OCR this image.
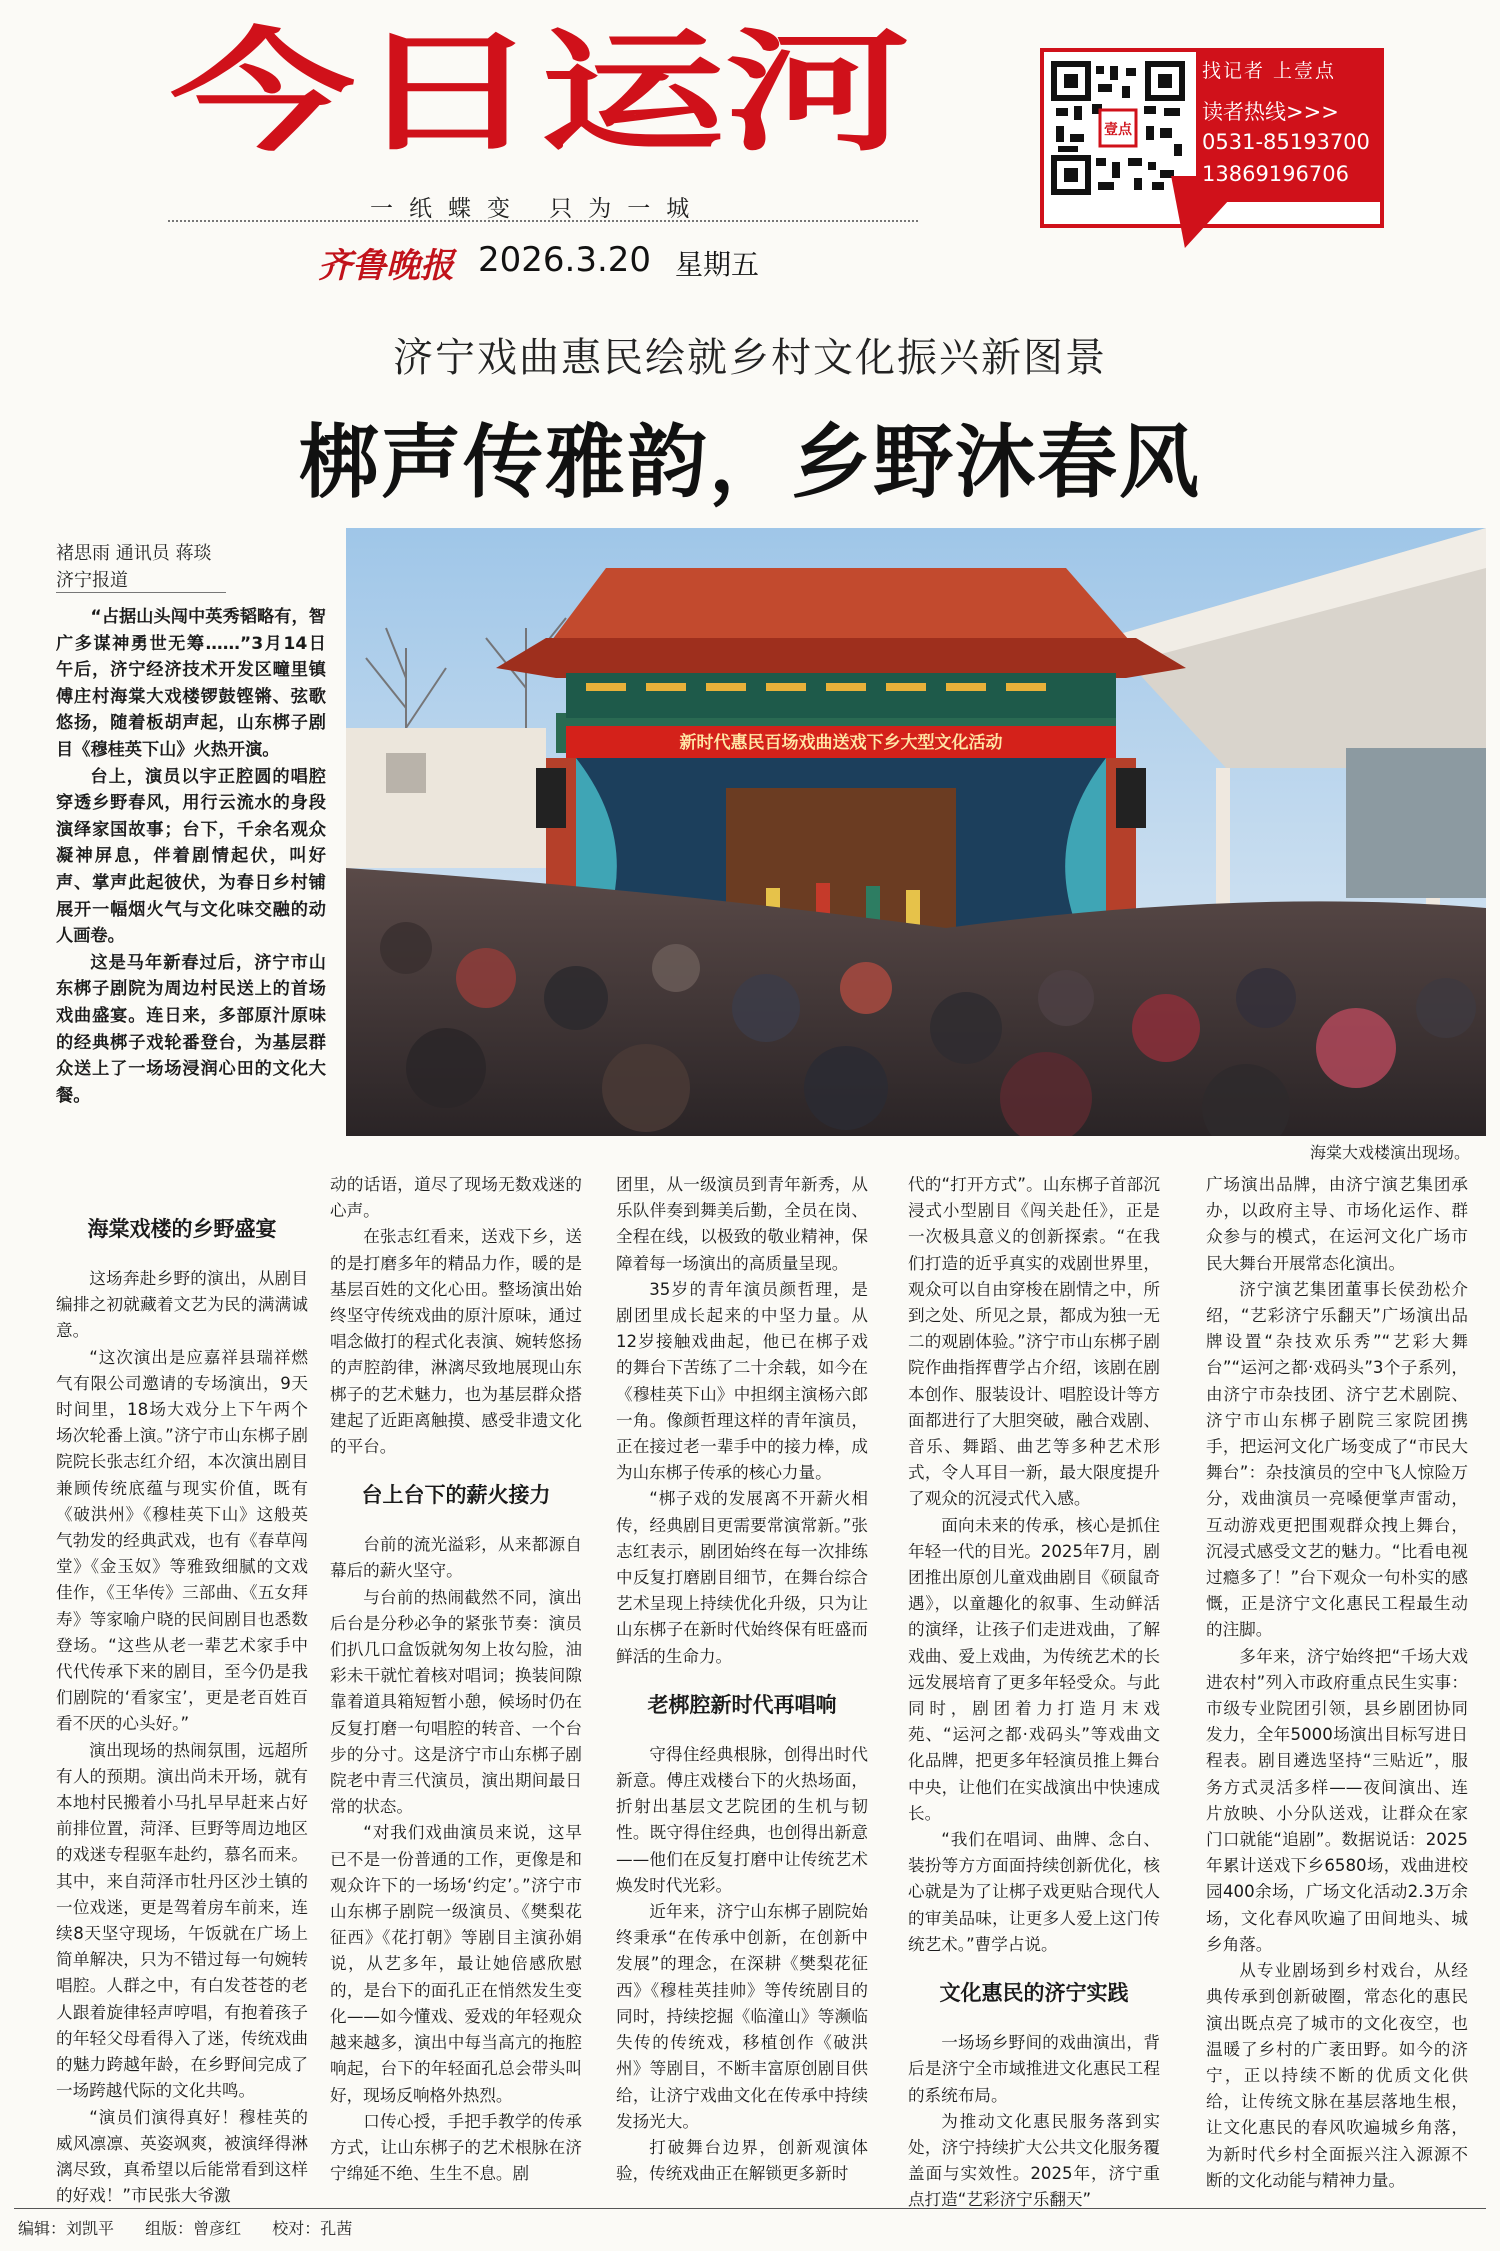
今日运河
一纸蝶变 只为一城
齐鲁晚报 2026.3.20 星期五
壹点
找记者 上壹点
读者热线>>>
0531-85193700
13869196706
济宁戏曲惠民绘就乡村文化振兴新图景
梆声传雅韵，乡野沐春风
褚思雨 通讯员 蒋琰
济宁报道

“占据山头闯中英秀韬略有，智广多谋神勇世无筹……”3月14日午后，济宁经济技术开发区疃里镇傅庄村海棠大戏楼锣鼓铿锵、弦歌悠扬，随着板胡声起，山东梆子剧目《穆桂英下山》火热开演。

台上，演员以宇正腔圆的唱腔穿透乡野春风，用行云流水的身段演绎家国故事；台下，千余名观众凝神屏息，伴着剧情起伏，叫好声、掌声此起彼伏，为春日乡村铺展开一幅烟火气与文化味交融的动人画卷。

这是马年新春过后，济宁市山东梆子剧院为周边村民送上的首场戏曲盛宴。连日来，多部原汁原味的经典梆子戏轮番登台，为基层群众送上了一场场浸润心田的文化大餐。

新时代惠民百场戏曲送戏下乡大型文化活动
海棠大戏楼演出现场。

海棠戏楼的乡野盛宴

这场奔赴乡野的演出，从剧目编排之初就藏着文艺为民的满满诚意。

“这次演出是应嘉祥县瑞祥燃气有限公司邀请的专场演出，9天时间里，18场大戏分上下午两个场次轮番上演。”济宁市山东梆子剧院院长张志红介绍，本次演出剧目兼顾传统底蕴与现实价值，既有《破洪州》《穆桂英下山》这般英气勃发的经典武戏，也有《春草闯堂》《金玉奴》等雅致细腻的文戏佳作，《王华传》三部曲、《五女拜寿》等家喻户晓的民间剧目也悉数登场。“这些从老一辈艺术家手中代代传承下来的剧目，至今仍是我们剧院的‘看家宝’，更是老百姓百看不厌的心头好。”

演出现场的热闹氛围，远超所有人的预期。演出尚未开场，就有本地村民搬着小马扎早早赶来占好前排位置，菏泽、巨野等周边地区的戏迷专程驱车赴约，慕名而来。其中，来自菏泽市牡丹区沙土镇的一位戏迷，更是驾着房车前来，连续8天坚守现场，午饭就在广场上简单解决，只为不错过每一句婉转唱腔。人群之中，有白发苍苍的老人跟着旋律轻声哼唱，有抱着孩子的年轻父母看得入了迷，传统戏曲的魅力跨越年龄，在乡野间完成了一场跨越代际的文化共鸣。

“演员们演得真好！穆桂英的威风凛凛、英姿飒爽，被演绎得淋漓尽致，真希望以后能常看到这样的好戏！”市民张大爷激

动的话语，道尽了现场无数戏迷的心声。

在张志红看来，送戏下乡，送的是打磨多年的精品力作，暖的是基层百姓的文化心田。整场演出始终坚守传统戏曲的原汁原味，通过唱念做打的程式化表演、婉转悠扬的声腔韵律，淋漓尽致地展现山东梆子的艺术魅力，也为基层群众搭建起了近距离触摸、感受非遗文化的平台。

台上台下的薪火接力

台前的流光溢彩，从来都源自幕后的薪火坚守。

与台前的热闹截然不同，演出后台是分秒必争的紧张节奏：演员们扒几口盒饭就匆匆上妆勾脸，油彩未干就忙着核对唱词；换装间隙靠着道具箱短暂小憩，候场时仍在反复打磨一句唱腔的转音、一个台步的分寸。这是济宁市山东梆子剧院老中青三代演员，演出期间最日常的状态。

“对我们戏曲演员来说，这早已不是一份普通的工作，更像是和观众许下的一场场‘约定’。”济宁市山东梆子剧院一级演员、《樊梨花征西》《花打朝》等剧目主演孙娟说，从艺多年，最让她倍感欣慰的，是台下的面孔正在悄然发生变化——如今懂戏、爱戏的年轻观众越来越多，演出中每当高亢的拖腔响起，台下的年轻面孔总会带头叫好，现场反响格外热烈。

口传心授，手把手教学的传承方式，让山东梆子的艺术根脉在济宁绵延不绝、生生不息。剧

团里，从一级演员到青年新秀，从乐队伴奏到舞美后勤，全员在岗、全程在线，以极致的敬业精神，保障着每一场演出的高质量呈现。

35岁的青年演员颜哲理，是剧团里成长起来的中坚力量。从12岁接触戏曲起，他已在梆子戏的舞台下苦练了二十余载，如今在《穆桂英下山》中担纲主演杨六郎一角。像颜哲理这样的青年演员，正在接过老一辈手中的接力棒，成为山东梆子传承的核心力量。

“梆子戏的发展离不开薪火相传，经典剧目更需要常演常新。”张志红表示，剧团始终在每一次排练中反复打磨剧目细节，在舞台综合艺术呈现上持续优化升级，只为让山东梆子在新时代始终保有旺盛而鲜活的生命力。

老梆腔新时代再唱响

守得住经典根脉，创得出时代新意。傅庄戏楼台下的火热场面，折射出基层文艺院团的生机与韧性。既守得住经典，也创得出新意——他们在反复打磨中让传统艺术焕发时代光彩。

近年来，济宁山东梆子剧院始终秉承“在传承中创新，在创新中发展”的理念，在深耕《樊梨花征西》《穆桂英挂帅》等传统剧目的同时，持续挖掘《临潼山》等濒临失传的传统戏，移植创作《破洪州》等剧目，不断丰富原创剧目供给，让济宁戏曲文化在传承中持续发扬光大。

打破舞台边界，创新观演体验，传统戏曲正在解锁更多新时

代的“打开方式”。山东梆子首部沉浸式小型剧目《闯关赴任》，正是一次极具意义的创新探索。“在我们打造的近乎真实的戏剧世界里，观众可以自由穿梭在剧情之中，所到之处、所见之景，都成为独一无二的观剧体验。”济宁市山东梆子剧院作曲指挥曹学占介绍，该剧在剧本创作、服装设计、唱腔设计等方面都进行了大胆突破，融合戏剧、音乐、舞蹈、曲艺等多种艺术形式，令人耳目一新，最大限度提升了观众的沉浸式代入感。

面向未来的传承，核心是抓住年轻一代的目光。2025年7月，剧团推出原创儿童戏曲剧目《硕鼠奇遇》，以童趣化的叙事、生动鲜活的演绎，让孩子们走进戏曲，了解戏曲、爱上戏曲，为传统艺术的长远发展培育了更多年轻受众。与此同时，剧团着力打造月末戏苑、“运河之都·戏码头”等戏曲文化品牌，把更多年轻演员推上舞台中央，让他们在实战演出中快速成长。

“我们在唱词、曲牌、念白、装扮等方方面面持续创新优化，核心就是为了让梆子戏更贴合现代人的审美品味，让更多人爱上这门传统艺术。”曹学占说。

文化惠民的济宁实践

一场场乡野间的戏曲演出，背后是济宁全市域推进文化惠民工程的系统布局。

为推动文化惠民服务落到实处，济宁持续扩大公共文化服务覆盖面与实效性。2025年，济宁重点打造“艺彩济宁乐翻天”

广场演出品牌，由济宁演艺集团承办，以政府主导、市场化运作、群众参与的模式，在运河文化广场市民大舞台开展常态化演出。

济宁演艺集团董事长侯劲松介绍，“艺彩济宁乐翻天”广场演出品牌设置“杂技欢乐秀”“艺彩大舞台”“运河之都·戏码头”3个子系列，由济宁市杂技团、济宁艺术剧院、济宁市山东梆子剧院三家院团携手，把运河文化广场变成了“市民大舞台”：杂技演员的空中飞人惊险万分，戏曲演员一亮嗓便掌声雷动，互动游戏更把围观群众拽上舞台，沉浸式感受文艺的魅力。“比看电视过瘾多了！”台下观众一句朴实的感慨，正是济宁文化惠民工程最生动的注脚。

多年来，济宁始终把“千场大戏进农村”列入市政府重点民生实事：市级专业院团引领，县乡剧团协同发力，全年5000场演出目标写进日程表。剧目遴选坚持“三贴近”，服务方式灵活多样——夜间演出、连片放映、小分队送戏，让群众在家门口就能“追剧”。数据说话：2025年累计送戏下乡6580场，戏曲进校园400余场，广场文化活动2.3万余场，文化春风吹遍了田间地头、城乡角落。

从专业剧场到乡村戏台，从经典传承到创新破圈，常态化的惠民演出既点亮了城市的文化夜空，也温暖了乡村的广袤田野。如今的济宁，正以持续不断的优质文化供给，让传统文脉在基层落地生根，让文化惠民的春风吹遍城乡角落，为新时代乡村全面振兴注入源源不断的文化动能与精神力量。

编辑：刘凯平 组版：曾彦红 校对：孔茜
